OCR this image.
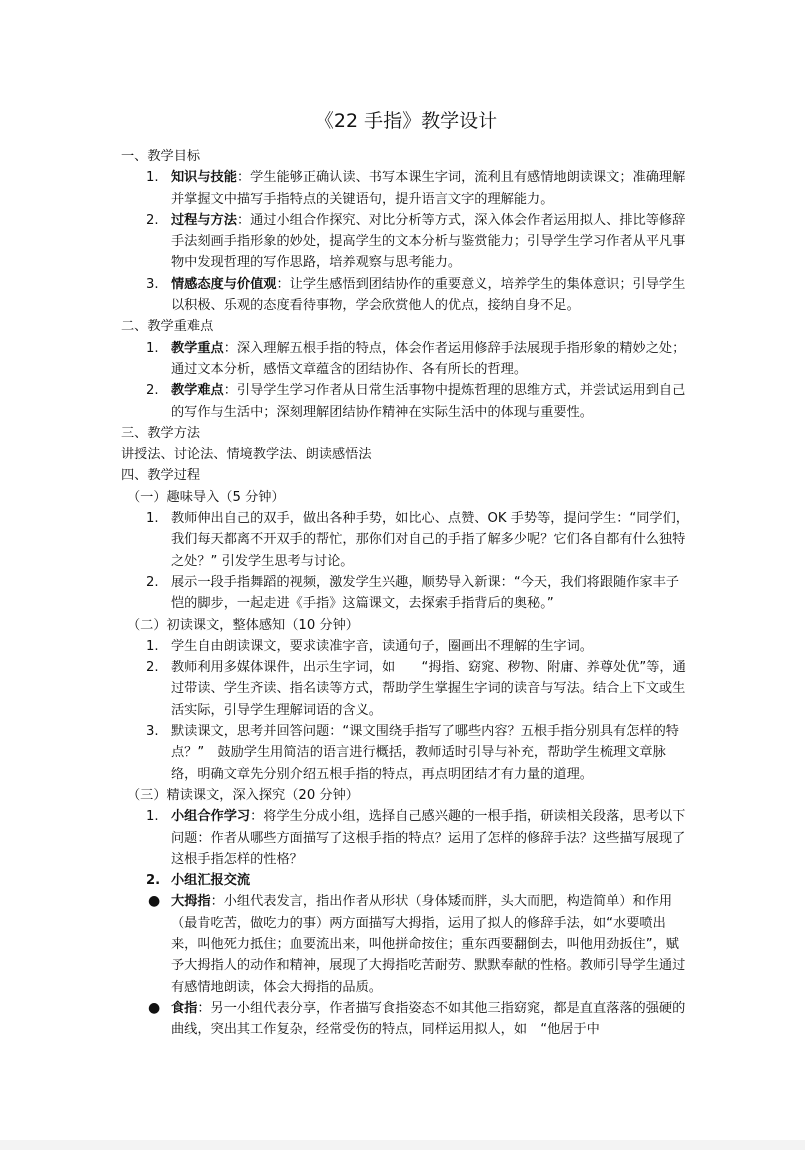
《22 手指》教学设计

一、教学目标

1. 知识与技能：学生能够正确认读、书写本课生字词，流利且有感情地朗读课文；准确理解并掌握文中描写手指特点的关键语句，提升语言文字的理解能力。
2. 过程与方法：通过小组合作探究、对比分析等方式，深入体会作者运用拟人、排比等修辞手法刻画手指形象的妙处，提高学生的文本分析与鉴赏能力；引导学生学习作者从平凡事物中发现哲理的写作思路，培养观察与思考能力。
3. 情感态度与价值观：让学生感悟到团结协作的重要意义，培养学生的集体意识；引导学生以积极、乐观的态度看待事物，学会欣赏他人的优点，接纳自身不足。

二、教学重难点

1. 教学重点：深入理解五根手指的特点，体会作者运用修辞手法展现手指形象的精妙之处；通过文本分析，感悟文章蕴含的团结协作、各有所长的哲理。
2. 教学难点：引导学生学习作者从日常生活事物中提炼哲理的思维方式，并尝试运用到自己的写作与生活中；深刻理解团结协作精神在实际生活中的体现与重要性。

三、教学方法

讲授法、讨论法、情境教学法、朗读感悟法

四、教学过程

（一）趣味导入（5 分钟）

1. 教师伸出自己的双手，做出各种手势，如比心、点赞、OK 手势等，提问学生：“同学们，我们每天都离不开双手的帮忙，那你们对自己的手指了解多少呢？它们各自都有什么独特之处？” 引发学生思考与讨论。
2. 展示一段手指舞蹈的视频，激发学生兴趣，顺势导入新课：“今天，我们将跟随作家丰子恺的脚步，一起走进《手指》这篇课文，去探索手指背后的奥秘。”

（二）初读课文，整体感知（10 分钟）

1. 学生自由朗读课文，要求读准字音，读通句子，圈画出不理解的生字词。
2. 教师利用多媒体课件，出示生字词，如　　“拇指、窈窕、秽物、附庸、养尊处优”等，通过带读、学生齐读、指名读等方式，帮助学生掌握生字词的读音与写法。结合上下文或生活实际，引导学生理解词语的含义。
3. 默读课文，思考并回答问题：“课文围绕手指写了哪些内容？五根手指分别具有怎样的特点？”　鼓励学生用简洁的语言进行概括，教师适时引导与补充，帮助学生梳理文章脉络，明确文章先分别介绍五根手指的特点，再点明团结才有力量的道理。

（三）精读课文，深入探究（20 分钟）

1. 小组合作学习：将学生分成小组，选择自己感兴趣的一根手指，研读相关段落，思考以下问题：作者从哪些方面描写了这根手指的特点？运用了怎样的修辞手法？这些描写展现了这根手指怎样的性格？
2. 小组汇报交流
● 大拇指：小组代表发言，指出作者从形状（身体矮而胖，头大而肥，构造简单）和作用（最肯吃苦，做吃力的事）两方面描写大拇指，运用了拟人的修辞手法，如“水要喷出来，叫他死力抵住；血要流出来，叫他拼命按住；重东西要翻倒去，叫他用劲扳住”，赋予大拇指人的动作和精神，展现了大拇指吃苦耐劳、默默奉献的性格。教师引导学生通过有感情地朗读，体会大拇指的品质。
● 食指：另一小组代表分享，作者描写食指姿态不如其他三指窈窕，都是直直落落的强硬的曲线，突出其工作复杂，经常受伤的特点，同样运用拟人，如　“他居于中
